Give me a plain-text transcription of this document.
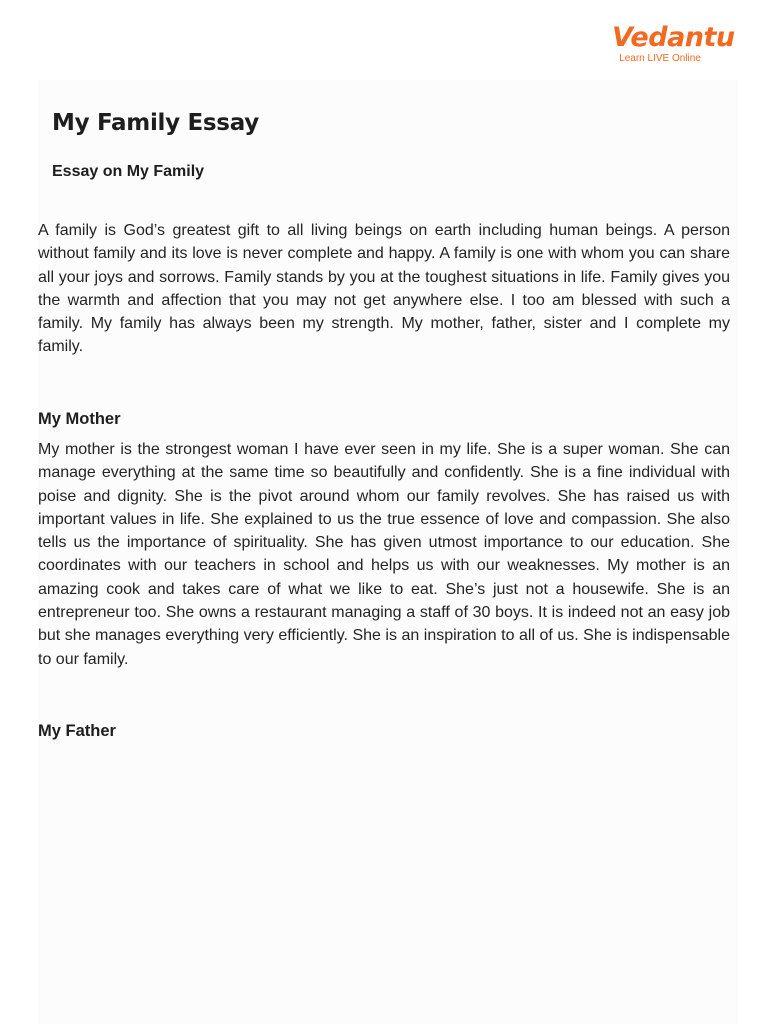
Vedantu
Learn LIVE Online
My Family Essay
Essay on My Family

A family is God’s greatest gift to all living beings on earth including human beings. A person without family and its love is never complete and happy. A family is one with whom you can share all your joys and sorrows. Family stands by you at the toughest situations in life. Family gives you the warmth and affection that you may not get anywhere else. I too am blessed with such a family. My family has always been my strength. My mother, father, sister and I complete my family.

My Mother

My mother is the strongest woman I have ever seen in my life. She is a super woman. She can manage everything at the same time so beautifully and confidently. She is a fine individual with poise and dignity. She is the pivot around whom our family revolves. She has raised us with important values in life. She explained to us the true essence of love and compassion. She also tells us the importance of spirituality. She has given utmost importance to our education. She coordinates with our teachers in school and helps us with our weaknesses. My mother is an amazing cook and takes care of what we like to eat. She’s just not a housewife. She is an entrepreneur too. She owns a restaurant managing a staff of 30 boys. It is indeed not an easy job but she manages everything very efficiently. She is an inspiration to all of us. She is indispensable to our family.

My Father
